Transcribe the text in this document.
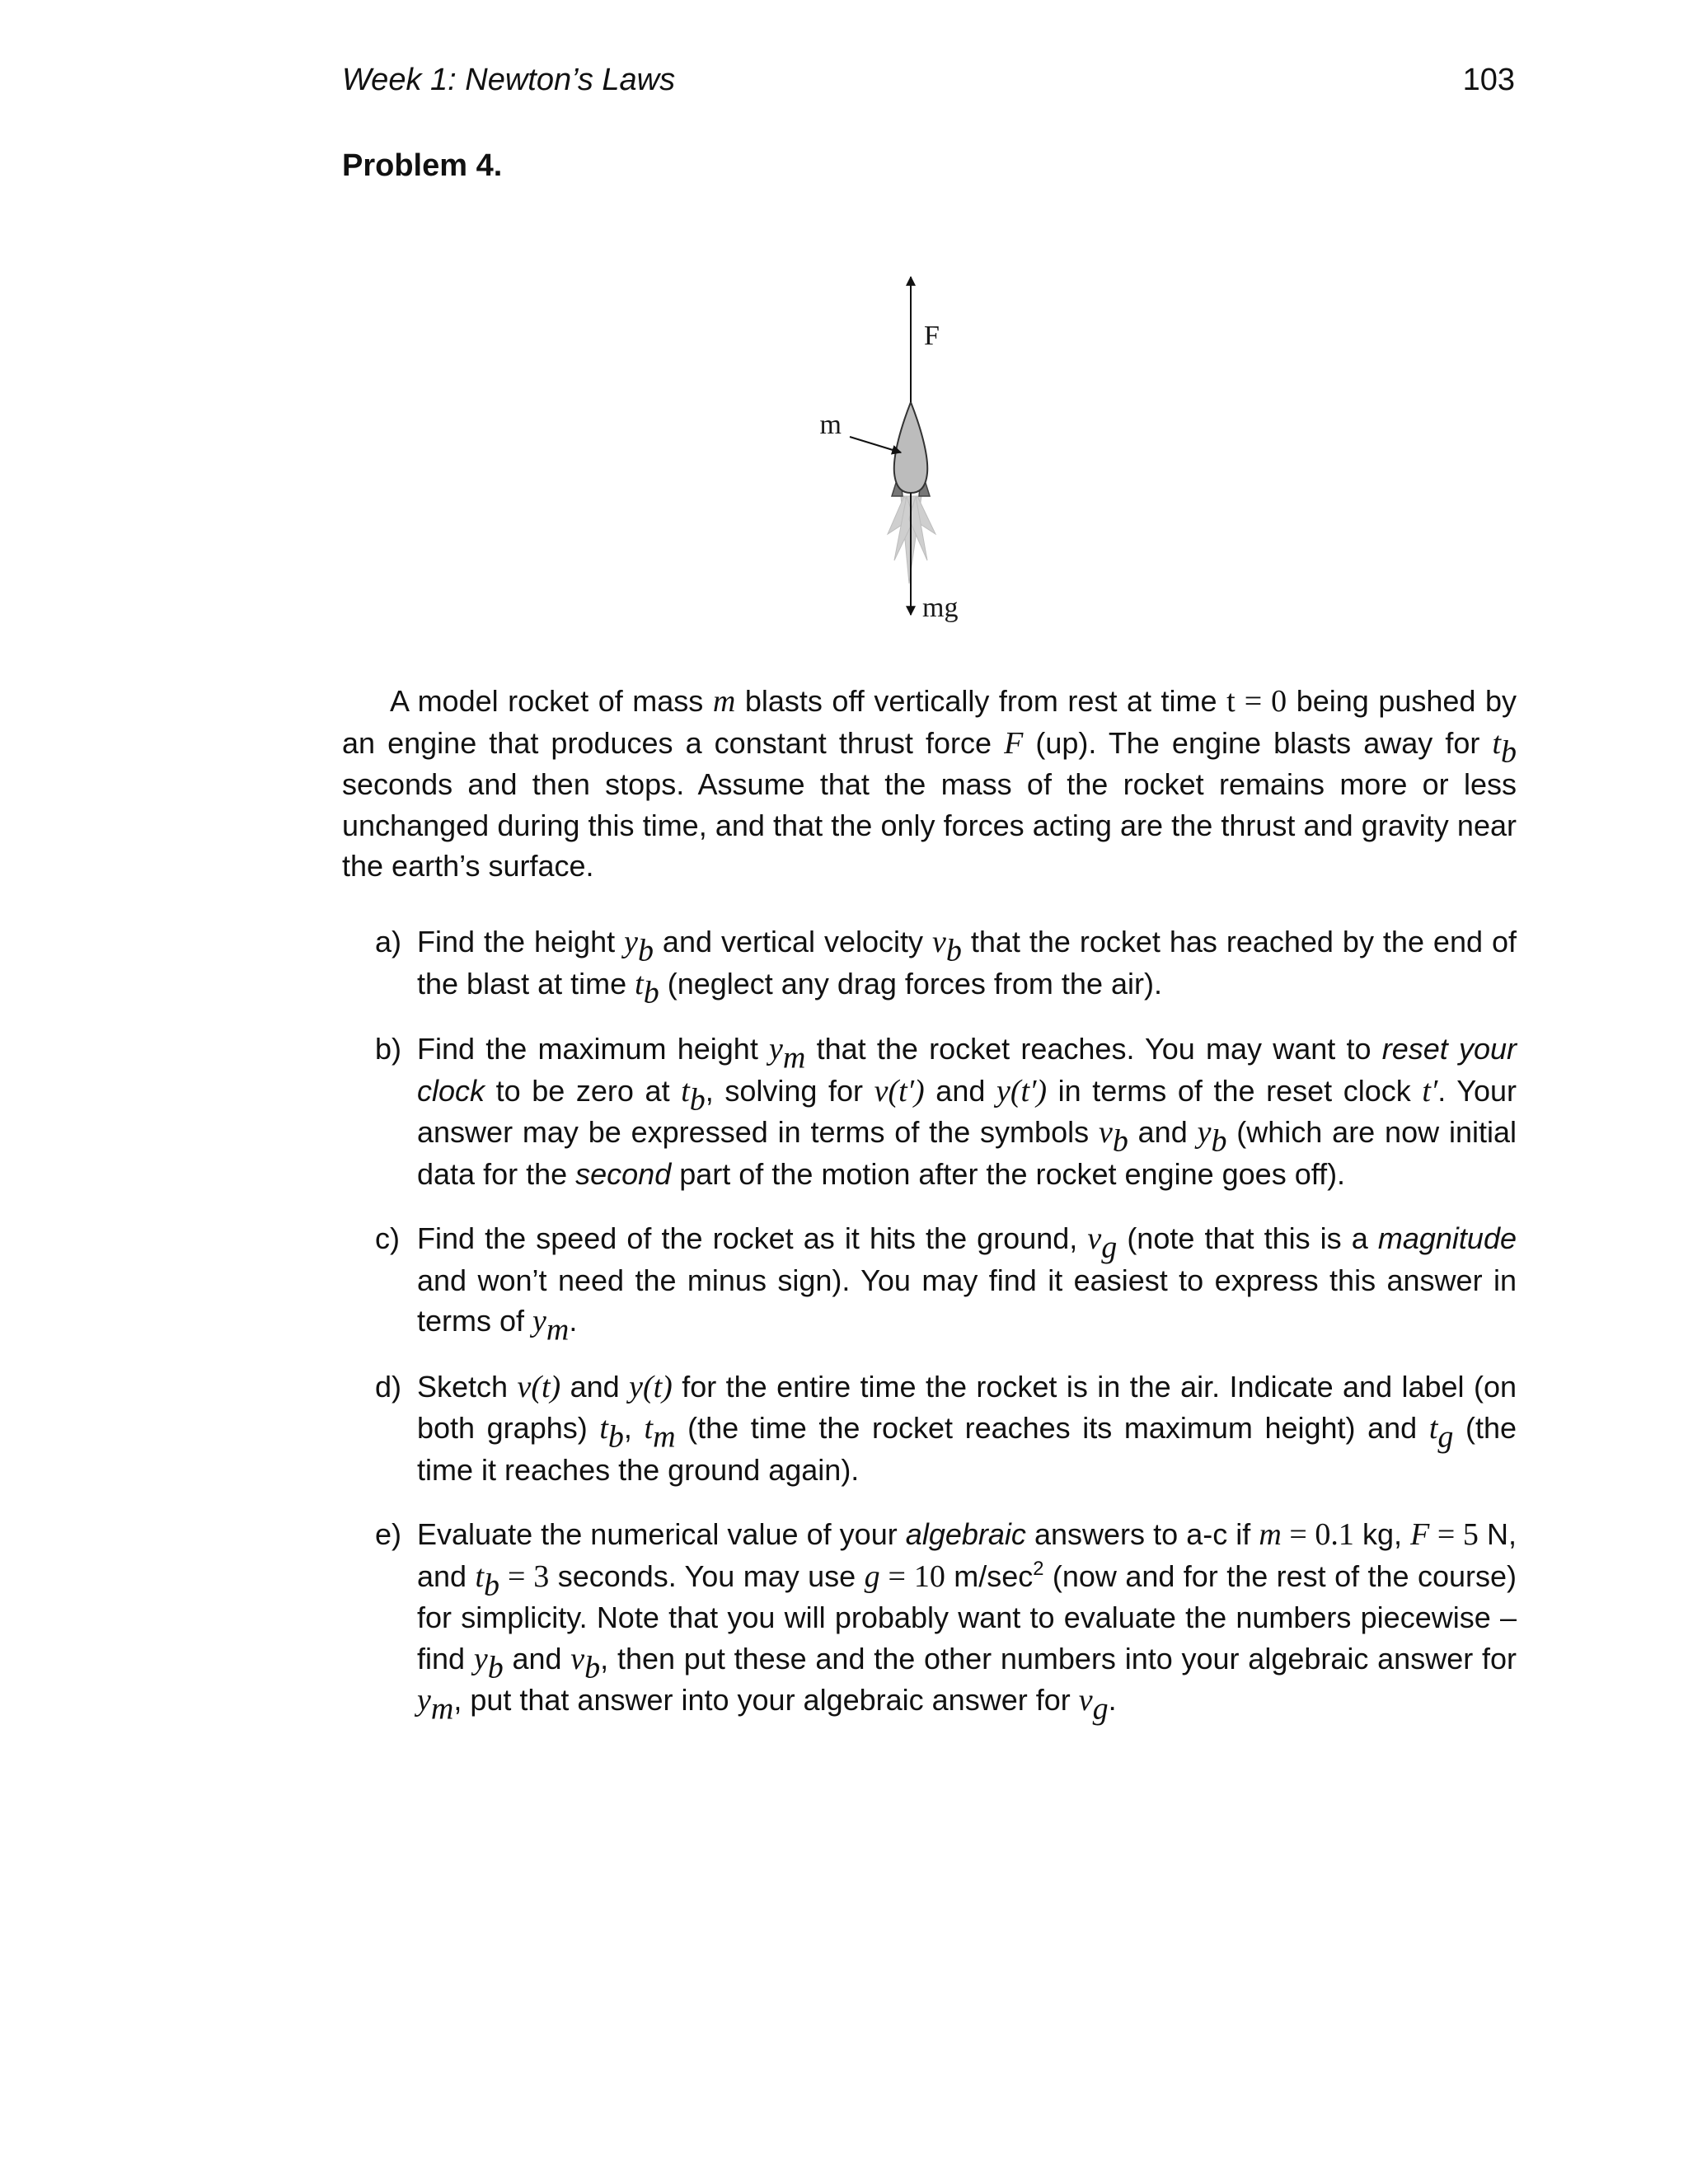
Week 1: Newton’s Laws	103
Problem 4.
F
m
mg
A model rocket of mass m blasts off vertically from rest at time t = 0 being pushed by an engine that produces a constant thrust force F (up). The engine blasts away for $t_b$ seconds and then stops. Assume that the mass of the rocket remains more or less unchanged during this time, and that the only forces acting are the thrust and gravity near the earth’s surface.
a) Find the height $y_b$ and vertical velocity $v_b$ that the rocket has reached by the end of the blast at time $t_b$ (neglect any drag forces from the air).
b) Find the maximum height $y_m$ that the rocket reaches. You may want to reset your clock to be zero at $t_b$, solving for v(t′) and y(t′) in terms of the reset clock t′. Your answer may be expressed in terms of the symbols $v_b$ and $y_b$ (which are now initial data for the second part of the motion after the rocket engine goes off).
c) Find the speed of the rocket as it hits the ground, $v_g$ (note that this is a magnitude and won’t need the minus sign). You may find it easiest to express this answer in terms of $y_m$.
d) Sketch v(t) and y(t) for the entire time the rocket is in the air. Indicate and label (on both graphs) $t_b$, $t_m$ (the time the rocket reaches its maximum height) and $t_g$ (the time it reaches the ground again).
e) Evaluate the numerical value of your algebraic answers to a-c if m = 0.1 kg, F = 5 N, and $t_b = 3$ seconds. You may use g = 10 $m/\sec^2$ (now and for the rest of the course) for simplicity. Note that you will probably want to evaluate the numbers piecewise – find $y_b$ and $v_b$, then put these and the other numbers into your algebraic answer for $y_m$, put that answer into your algebraic answer for $v_g$.
